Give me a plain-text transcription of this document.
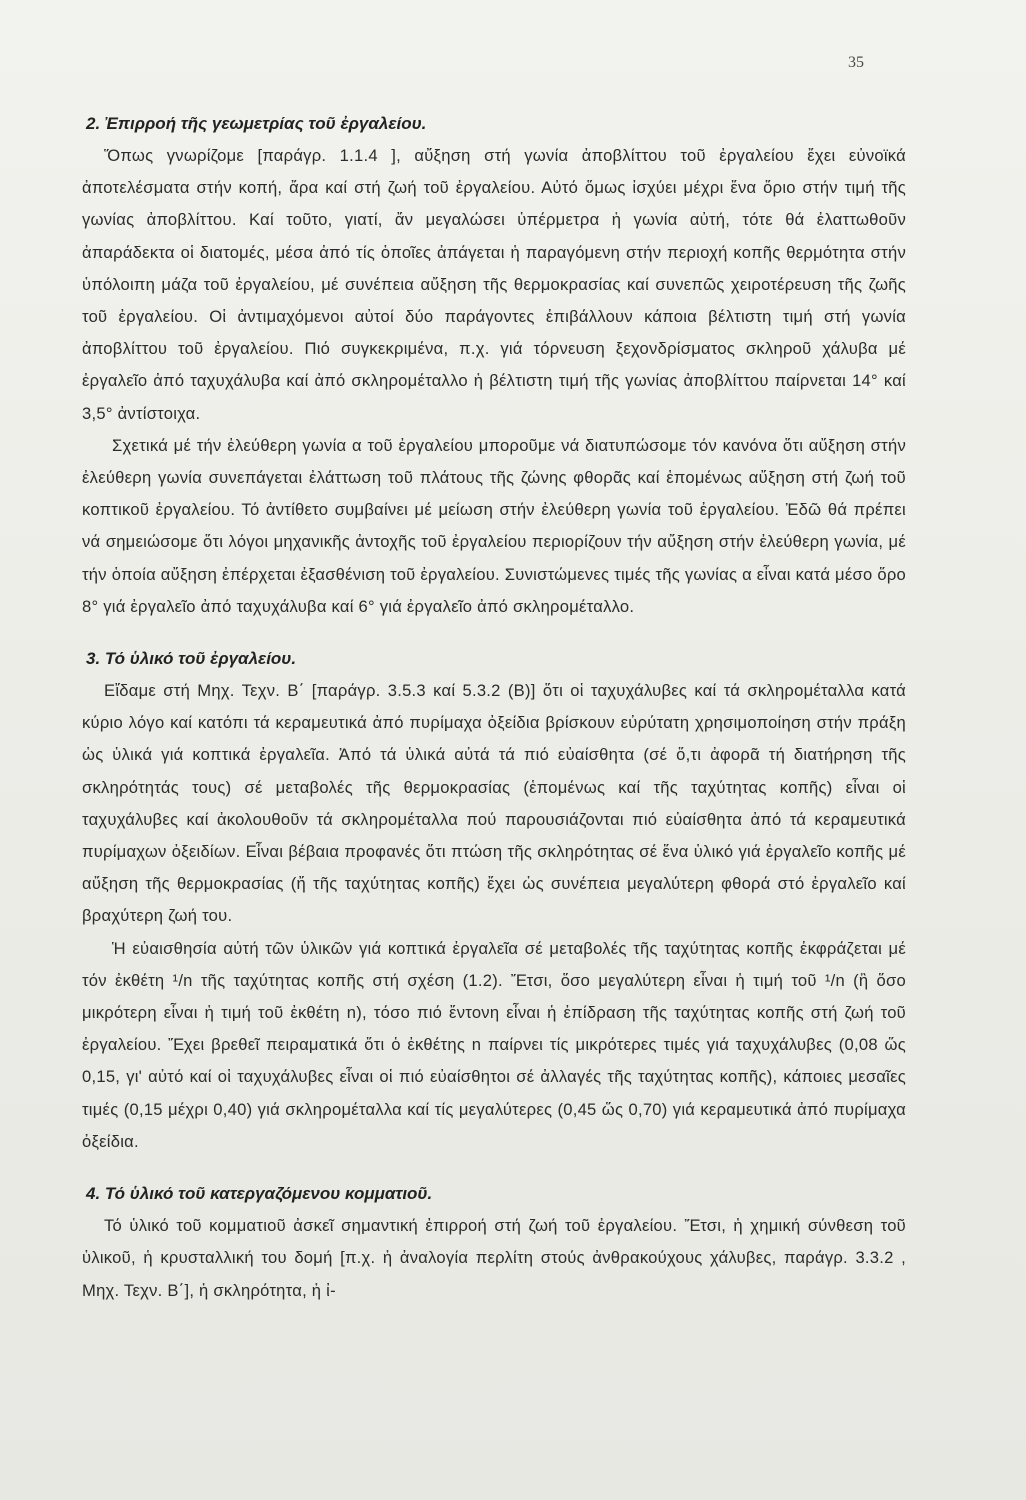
35
2. Ἐπιρροή τῆς γεωμετρίας τοῦ ἐργαλείου.

Ὅπως γνωρίζομε [παράγρ. 1.1.4 ], αὔξηση στή γωνία ἀποβλίττου τοῦ ἐργαλείου ἔχει εὐνοϊκά ἀποτελέσματα στήν κοπή, ἄρα καί στή ζωή τοῦ ἐργαλείου. Αὐτό ὅμως ἰσχύει μέχρι ἕνα ὅριο στήν τιμή τῆς γωνίας ἀποβλίττου. Καί τοῦτο, γιατί, ἄν μεγαλώσει ὑπέρμετρα ἡ γωνία αὐτή, τότε θά ἐλαττωθοῦν ἀπαράδεκτα οἱ διατομές, μέσα ἀπό τίς ὁποῖες ἀπάγεται ἡ παραγόμενη στήν περιοχή κοπῆς θερμότητα στήν ὑπόλοιπη μάζα τοῦ ἐργαλείου, μέ συνέπεια αὔξηση τῆς θερμοκρασίας καί συνεπῶς χειροτέρευση τῆς ζωῆς τοῦ ἐργαλείου. Οἱ ἀντιμαχόμενοι αὐτοί δύο παράγοντες ἐπιβάλλουν κάποια βέλτιστη τιμή στή γωνία ἀποβλίττου τοῦ ἐργαλείου. Πιό συγκεκριμένα, π.χ. γιά τόρνευση ξεχονδρίσματος σκληροῦ χάλυβα μέ ἐργαλεῖο ἀπό ταχυχάλυβα καί ἀπό σκληρομέταλλο ἡ βέλτιστη τιμή τῆς γωνίας ἀποβλίττου παίρνεται 14° καί 3,5° ἀντίστοιχα.

Σχετικά μέ τήν ἐλεύθερη γωνία α τοῦ ἐργαλείου μποροῦμε νά διατυπώσομε τόν κανόνα ὅτι αὔξηση στήν ἐλεύθερη γωνία συνεπάγεται ἐλάττωση τοῦ πλάτους τῆς ζώνης φθορᾶς καί ἑπομένως αὔξηση στή ζωή τοῦ κοπτικοῦ ἐργαλείου. Τό ἀντίθετο συμβαίνει μέ μείωση στήν ἐλεύθερη γωνία τοῦ ἐργαλείου. Ἐδῶ θά πρέπει νά σημειώσομε ὅτι λόγοι μηχανικῆς ἀντοχῆς τοῦ ἐργαλείου περιορίζουν τήν αὔξηση στήν ἐλεύθερη γωνία, μέ τήν ὁποία αὔξηση ἐπέρχεται ἐξασθένιση τοῦ ἐργαλείου. Συνιστώμενες τιμές τῆς γωνίας α εἶναι κατά μέσο ὅρο 8° γιά ἐργαλεῖο ἀπό ταχυχάλυβα καί 6° γιά ἐργαλεῖο ἀπό σκληρομέταλλο.

3. Τό ὑλικό τοῦ ἐργαλείου.

Εἴδαμε στή Μηχ. Τεχν. Β΄ [παράγρ. 3.5.3 καί 5.3.2 (Β)] ὅτι οἱ ταχυχάλυβες καί τά σκληρομέταλλα κατά κύριο λόγο καί κατόπι τά κεραμευτικά ἀπό πυρίμαχα ὀξείδια βρίσκουν εὐρύτατη χρησιμοποίηση στήν πράξη ὡς ὑλικά γιά κοπτικά ἐργαλεῖα. Ἀπό τά ὑλικά αὐτά τά πιό εὐαίσθητα (σέ ὅ,τι ἀφορᾶ τή διατήρηση τῆς σκληρότητάς τους) σέ μεταβολές τῆς θερμοκρασίας (ἑπομένως καί τῆς ταχύτητας κοπῆς) εἶναι οἱ ταχυχάλυβες καί ἀκολουθοῦν τά σκληρομέταλλα πού παρουσιάζονται πιό εὐαίσθητα ἀπό τά κεραμευτικά πυρίμαχων ὀξειδίων. Εἶναι βέβαια προφανές ὅτι πτώση τῆς σκληρότητας σέ ἕνα ὑλικό γιά ἐργαλεῖο κοπῆς μέ αὔξηση τῆς θερμοκρασίας (ἤ τῆς ταχύτητας κοπῆς) ἔχει ὡς συνέπεια μεγαλύτερη φθορά στό ἐργαλεῖο καί βραχύτερη ζωή του.

Ἡ εὐαισθησία αὐτή τῶν ὑλικῶν γιά κοπτικά ἐργαλεῖα σέ μεταβολές τῆς ταχύτητας κοπῆς ἐκφράζεται μέ τόν ἐκθέτη ¹/n τῆς ταχύτητας κοπῆς στή σχέση (1.2). Ἔτσι, ὅσο μεγαλύτερη εἶναι ἡ τιμή τοῦ ¹/n (ἢ ὅσο μικρότερη εἶναι ἡ τιμή τοῦ ἐκθέτη n), τόσο πιό ἔντονη εἶναι ἡ ἐπίδραση τῆς ταχύτητας κοπῆς στή ζωή τοῦ ἐργαλείου. Ἔχει βρεθεῖ πειραματικά ὅτι ὁ ἐκθέτης n παίρνει τίς μικρότερες τιμές γιά ταχυχάλυβες (0,08 ὥς 0,15, γι' αὐτό καί οἱ ταχυχάλυβες εἶναι οἱ πιό εὐαίσθητοι σέ ἀλλαγές τῆς ταχύτητας κοπῆς), κάποιες μεσαῖες τιμές (0,15 μέχρι 0,40) γιά σκληρομέταλλα καί τίς μεγαλύτερες (0,45 ὥς 0,70) γιά κεραμευτικά ἀπό πυρίμαχα ὀξείδια.

4. Τό ὑλικό τοῦ κατεργαζόμενου κομματιοῦ.

Τό ὑλικό τοῦ κομματιοῦ ἀσκεῖ σημαντική ἐπιρροή στή ζωή τοῦ ἐργαλείου. Ἔτσι, ἡ χημική σύνθεση τοῦ ὑλικοῦ, ἡ κρυσταλλική του δομή [π.χ. ἡ ἀναλογία περλίτη στούς ἀνθρακούχους χάλυβες, παράγρ. 3.3.2 , Μηχ. Τεχν. Β΄], ἡ σκληρότητα, ἡ ἰ-
